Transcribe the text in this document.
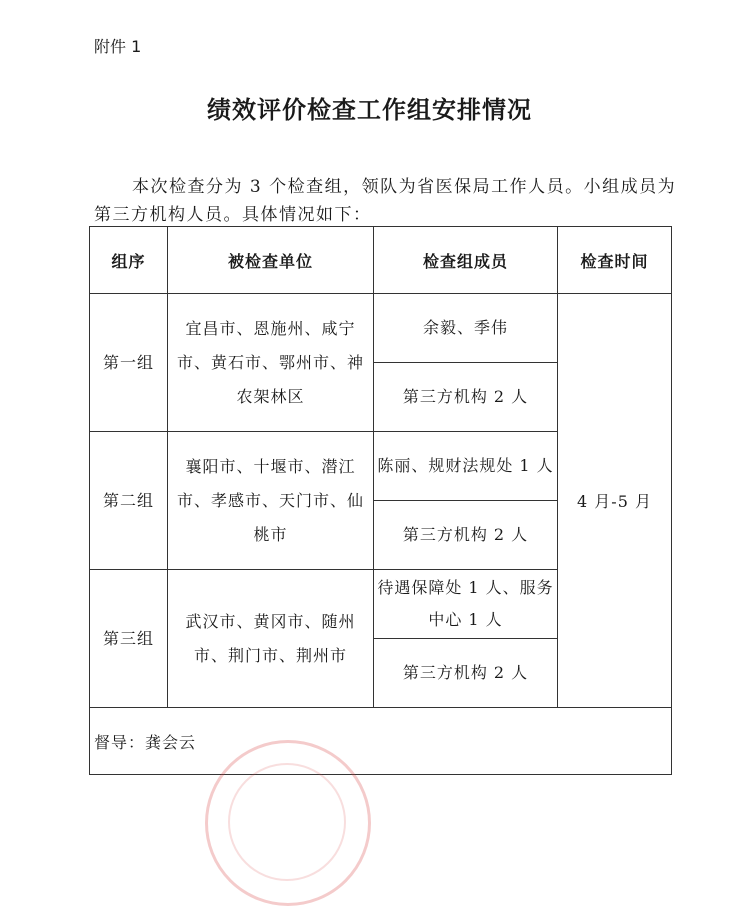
附件 1
绩效评价检查工作组安排情况

本次检查分为 3 个检查组，领队为省医保局工作人员。小组成员为第三方机构人员。具体情况如下：

组序	被检查单位	检查组成员	检查时间
第一组	宜昌市、恩施州、咸宁市、黄石市、鄂州市、神农架林区	余毅、季伟	4 月-5 月
		第三方机构 2 人	
第二组	襄阳市、十堰市、潜江市、孝感市、天门市、仙桃市	陈丽、规财法规处 1 人	
		第三方机构 2 人	
第三组	武汉市、黄冈市、随州市、荆门市、荆州市	待遇保障处 1 人、服务中心 1 人	
		第三方机构 2 人	
督导：龚会云			
